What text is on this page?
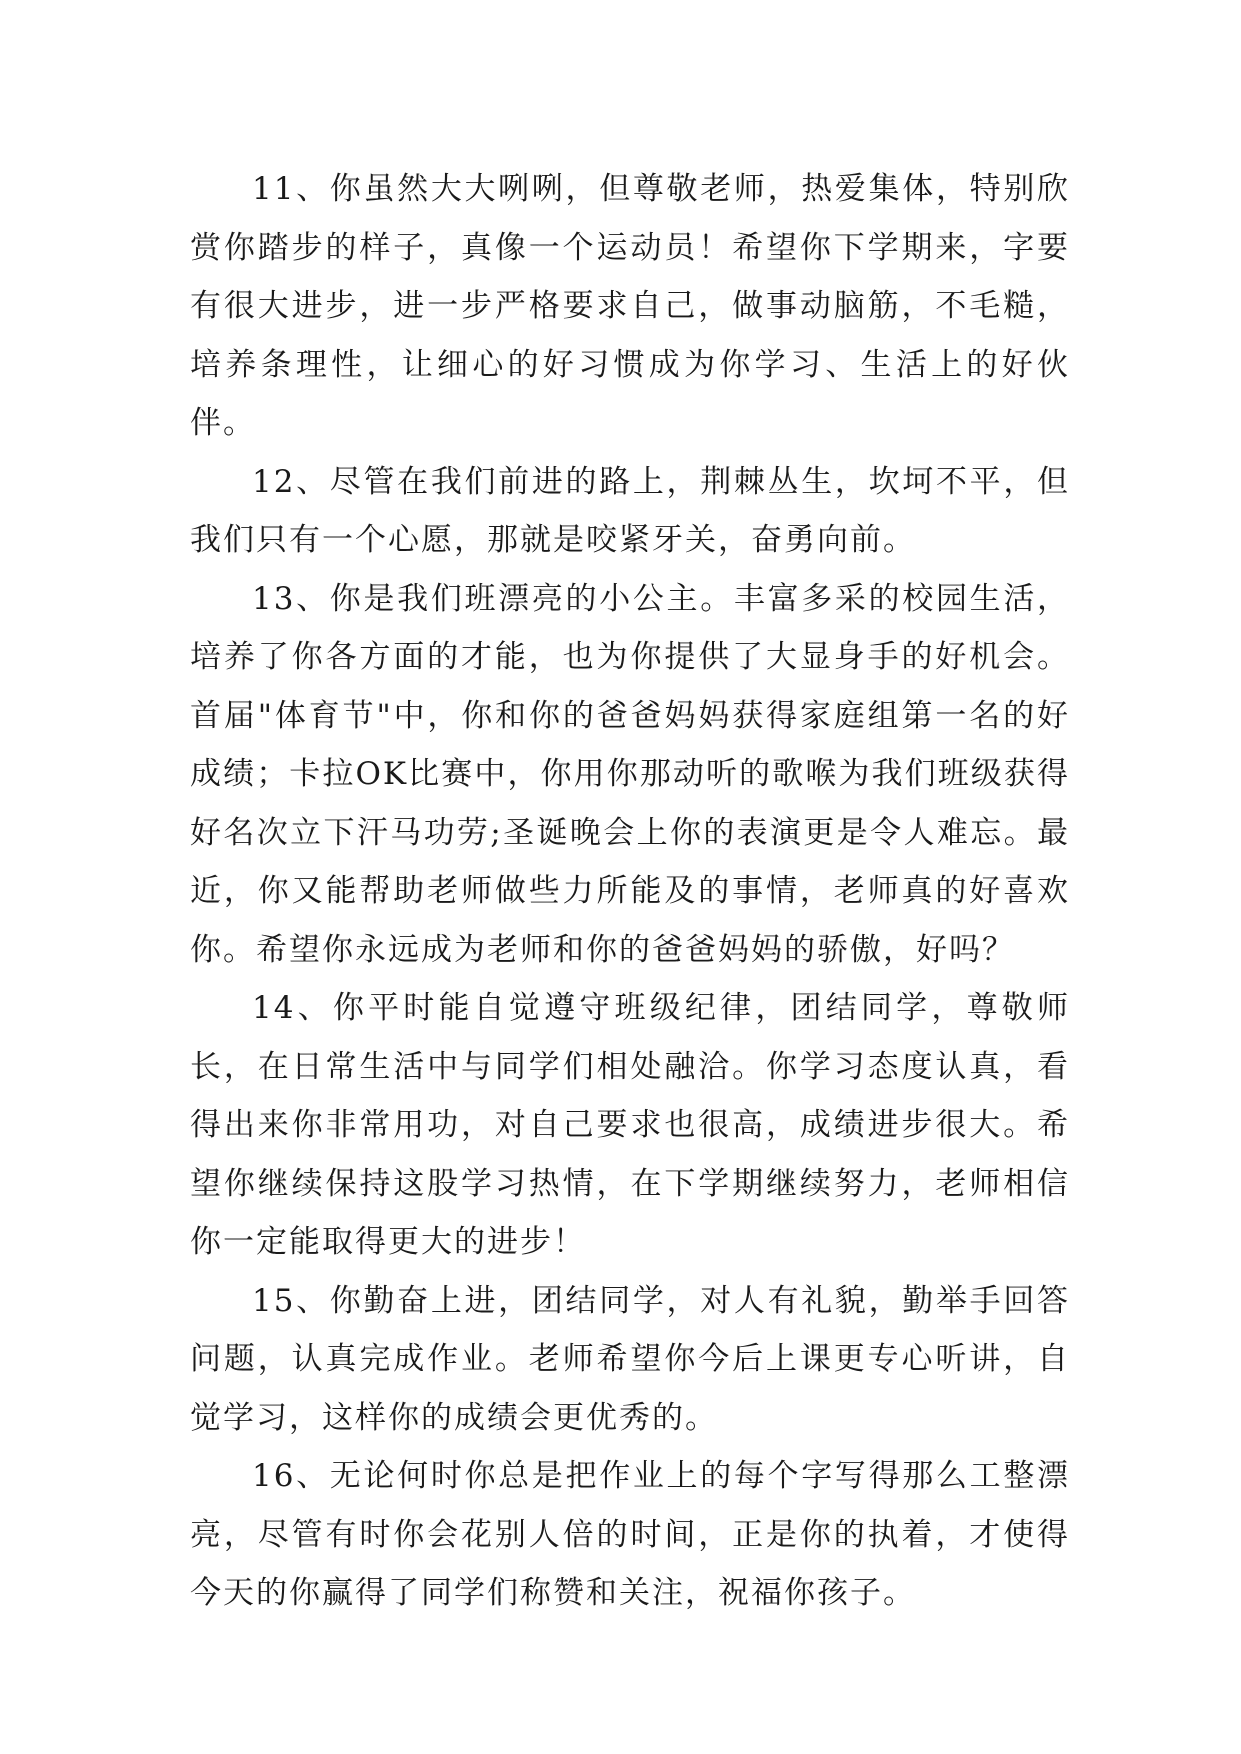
11、你虽然大大咧咧，但尊敬老师，热爱集体，特别欣赏你踏步的样子，真像一个运动员！希望你下学期来，字要有很大进步，进一步严格要求自己，做事动脑筋，不毛糙，培养条理性，让细心的好习惯成为你学习、生活上的好伙伴。

12、尽管在我们前进的路上，荆棘丛生，坎坷不平，但我们只有一个心愿，那就是咬紧牙关，奋勇向前。

13、你是我们班漂亮的小公主。丰富多采的校园生活，培养了你各方面的才能，也为你提供了大显身手的好机会。首届"体育节"中，你和你的爸爸妈妈获得家庭组第一名的好成绩；卡拉OK比赛中，你用你那动听的歌喉为我们班级获得好名次立下汗马功劳;圣诞晚会上你的表演更是令人难忘。最近，你又能帮助老师做些力所能及的事情，老师真的好喜欢你。希望你永远成为老师和你的爸爸妈妈的骄傲，好吗？

14、你平时能自觉遵守班级纪律，团结同学，尊敬师长，在日常生活中与同学们相处融洽。你学习态度认真，看得出来你非常用功，对自己要求也很高，成绩进步很大。希望你继续保持这股学习热情，在下学期继续努力，老师相信你一定能取得更大的进步！

15、你勤奋上进，团结同学，对人有礼貌，勤举手回答问题，认真完成作业。老师希望你今后上课更专心听讲，自觉学习，这样你的成绩会更优秀的。

16、无论何时你总是把作业上的每个字写得那么工整漂亮，尽管有时你会花别人倍的时间，正是你的执着，才使得今天的你赢得了同学们称赞和关注，祝福你孩子。
